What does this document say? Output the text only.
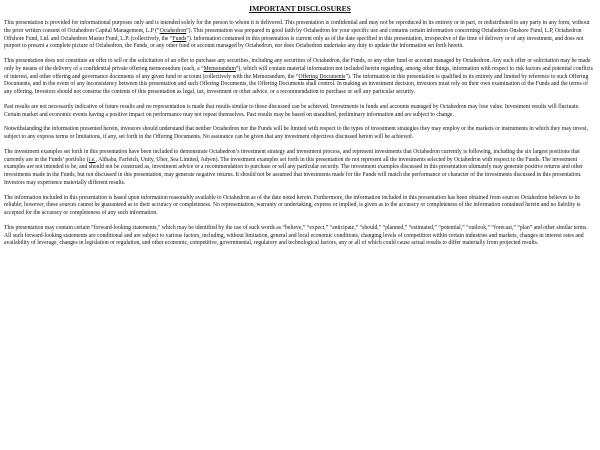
IMPORTANT DISCLOSURES

This presentation is provided for informational purposes only and is intended solely for the person to whom it is delivered. This presentation is confidential and may not be reproduced in its entirety or in part, or redistributed to any party in any form, without the prior written consent of Octahedron Capital Management, L.P (“Octahedron”). This presentation was prepared in good faith by Octahedron for your specific use and contains certain information concerning Octahedron Onshore Fund, L.P, Octahedron Offshore Fund, Ltd. and Octahedron Master Fund, L.P. (collectively, the “Funds”). Information contained in this presentation is current only as of the date specified in this presentation, irrespective of the time of delivery or of any investment, and does not purport to present a complete picture of Octahedron, the Funds, or any other fund or account managed by Octahedron, nor does Octahedron undertake any duty to update the information set forth herein.

This presentation does not constitute an offer to sell or the solicitation of an offer to purchase any securities, including any securities of Octahedron, the Funds, or any other fund or account managed by Octahedron. Any such offer or solicitation may be made only by means of the delivery of a confidential private offering memorandum (each, a “Memorandum”), which will contain material information not included herein regarding, among other things, information with respect to risk factors and potential conflicts of interest, and other offering and governance documents of any given fund or account (collectively with the Memorandum, the “Offering Documents”). The information in this presentation is qualified in its entirety and limited by reference to such Offering Documents, and in the event of any inconsistency between this presentation and such Offering Documents, the Offering Documents shall control. In making an investment decision, investors must rely on their own examination of the Funds and the terms of any offering. Investors should not construe the contents of this presentation as legal, tax, investment or other advice, or a recommendation to purchase or sell any particular security.

Past results are not necessarily indicative of future results and no representation is made that results similar to those discussed can be achieved. Investments in funds and accounts managed by Octahedron may lose value. Investment results will fluctuate. Certain market and economic events having a positive impact on performance may not repeat themselves. Past results may be based on unaudited, preliminary information and are subject to change.

Notwithstanding the information presented herein, investors should understand that neither Octahedron nor the Funds will be limited with respect to the types of investment strategies they may employ or the markets or instruments in which they may invest, subject to any express terms or limitations, if any, set forth in the Offering Documents. No assurance can be given that any investment objectives discussed herein will be achieved.

The investment examples set forth in this presentation have been included to demonstrate Octahedron’s investment strategy and investment process, and represent investments that Octahedron currently is following, including the six largest positions that currently are in the Funds’ portfolio (i.e., Alibaba, Farfetch, Unity, Uber, Sea Limited, Adyen). The investment examples set forth in this presentation do not represent all the investments selected by Octahedron with respect to the Funds. The investment examples are not intended to be, and should not be construed as, investment advice or a recommendation to purchase or sell any particular security. The investment examples discussed in this presentation ultimately may generate positive returns and other investments made in the Funds, but not discussed in this presentation, may generate negative returns. It should not be assumed that investments made for the Funds will match the performance or character of the investments discussed in this presentation. Investors may experience materially different results.

The information included in this presentation is based upon information reasonably available to Octahedron as of the date noted herein. Furthermore, the information included in this presentation has been obtained from sources Octahedron believes to be reliable; however, these sources cannot be guaranteed as to their accuracy or completeness. No representation, warranty or undertaking, express or implied, is given as to the accuracy or completeness of the information contained herein and no liability is accepted for the accuracy or completeness of any such information.

This presentation may contain certain “forward-looking statements,” which may be identified by the use of such words as “believe,” “expect,” “anticipate,” “should,” “planned,” “estimated,” “potential,” “outlook,” “forecast,” “plan” and other similar terms. All such forward-looking statements are conditional and are subject to various factors, including, without limitation, general and local economic conditions, changing levels of competition within certain industries and markets, changes in interest rates and availability of leverage, changes in legislation or regulation, and other economic, competitive, governmental, regulatory and technological factors, any or all of which could cause actual results to differ materially from projected results.
